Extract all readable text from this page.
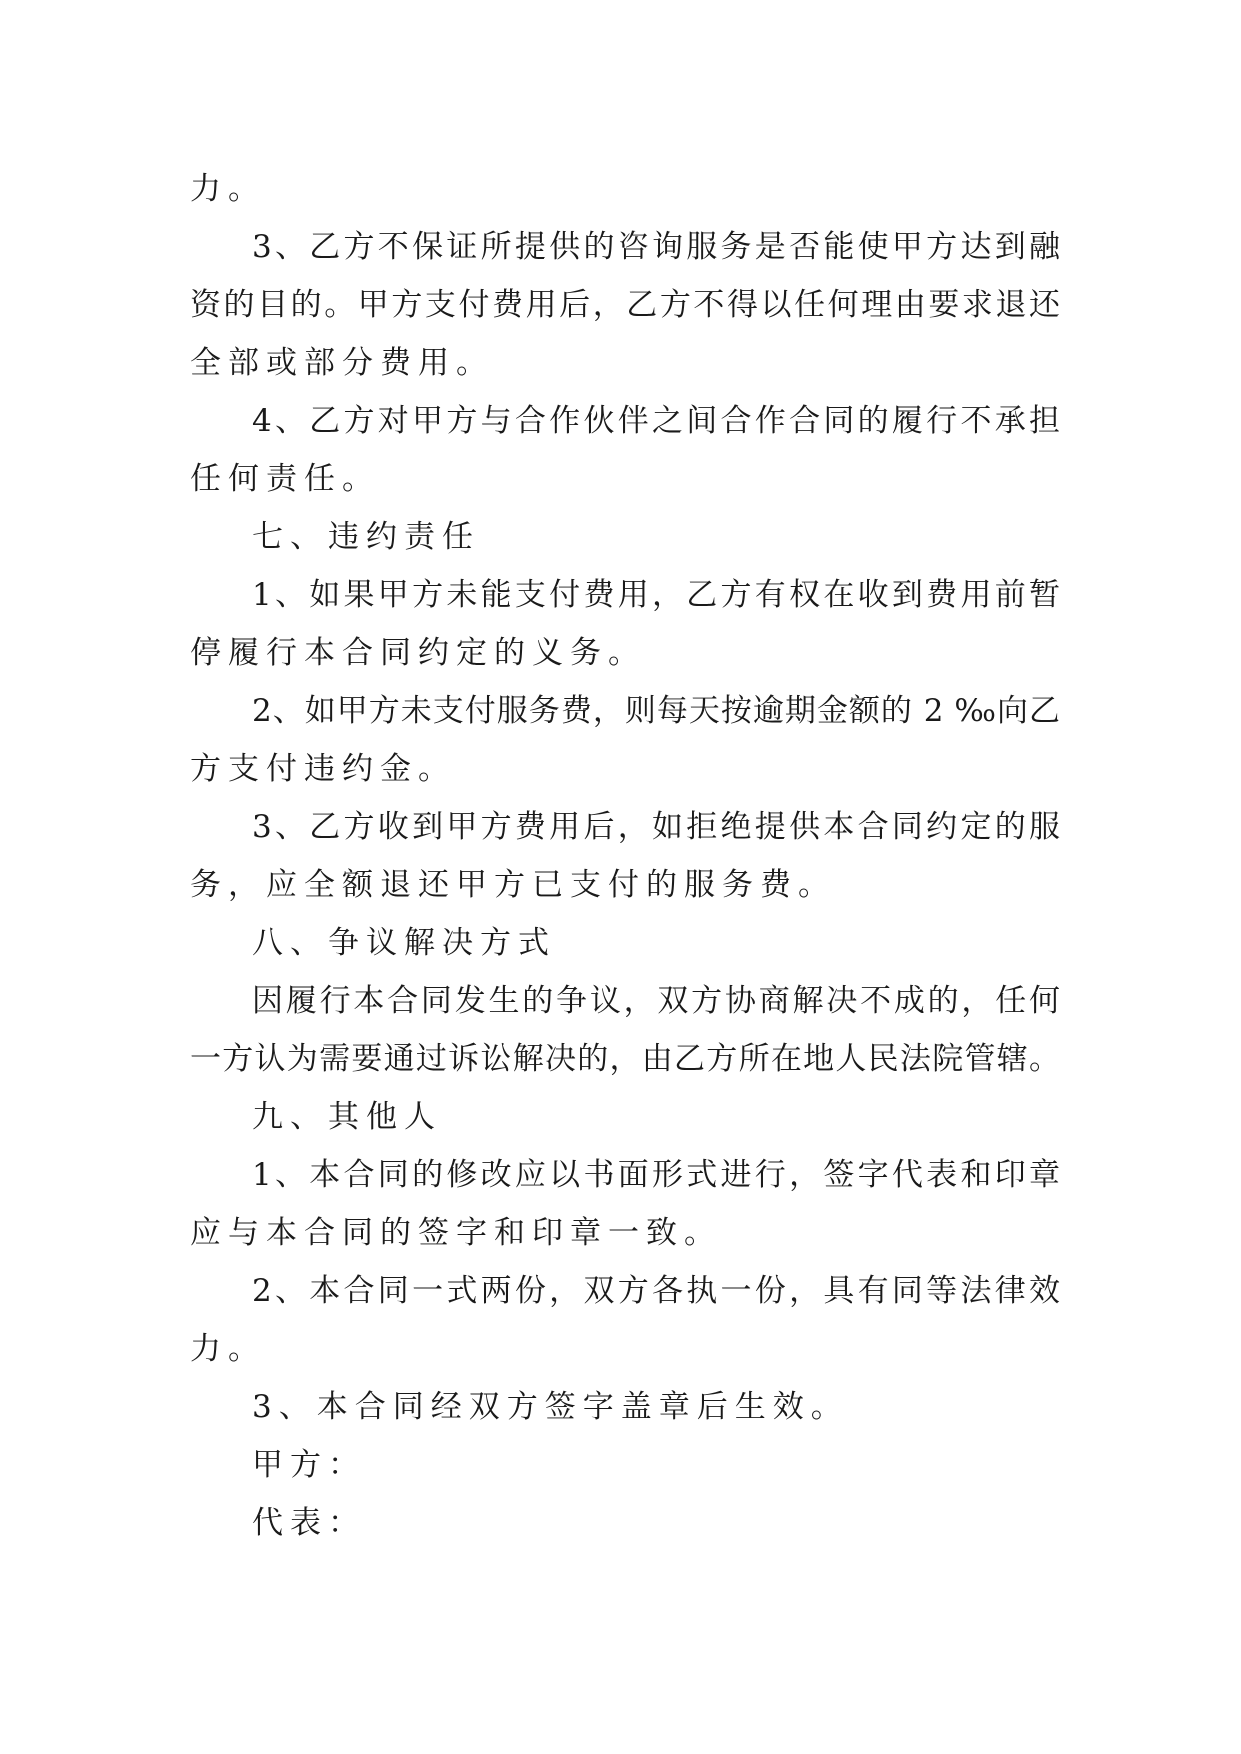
力。
3、乙方不保证所提供的咨询服务是否能使甲方达到融
资的目的。甲方支付费用后，乙方不得以任何理由要求退还
全部或部分费用。
4、乙方对甲方与合作伙伴之间合作合同的履行不承担
任何责任。
七、违约责任
1、如果甲方未能支付费用，乙方有权在收到费用前暂
停履行本合同约定的义务。
2、如甲方未支付服务费，则每天按逾期金额的 2 ‰向乙
方支付违约金。
3、乙方收到甲方费用后，如拒绝提供本合同约定的服
务，应全额退还甲方已支付的服务费。
八、争议解决方式
因履行本合同发生的争议，双方协商解决不成的，任何
一方认为需要通过诉讼解决的，由乙方所在地人民法院管辖。
九、其他人
1、本合同的修改应以书面形式进行，签字代表和印章
应与本合同的签字和印章一致。
2、本合同一式两份，双方各执一份，具有同等法律效
力。
3、本合同经双方签字盖章后生效。
甲方：
代表：
